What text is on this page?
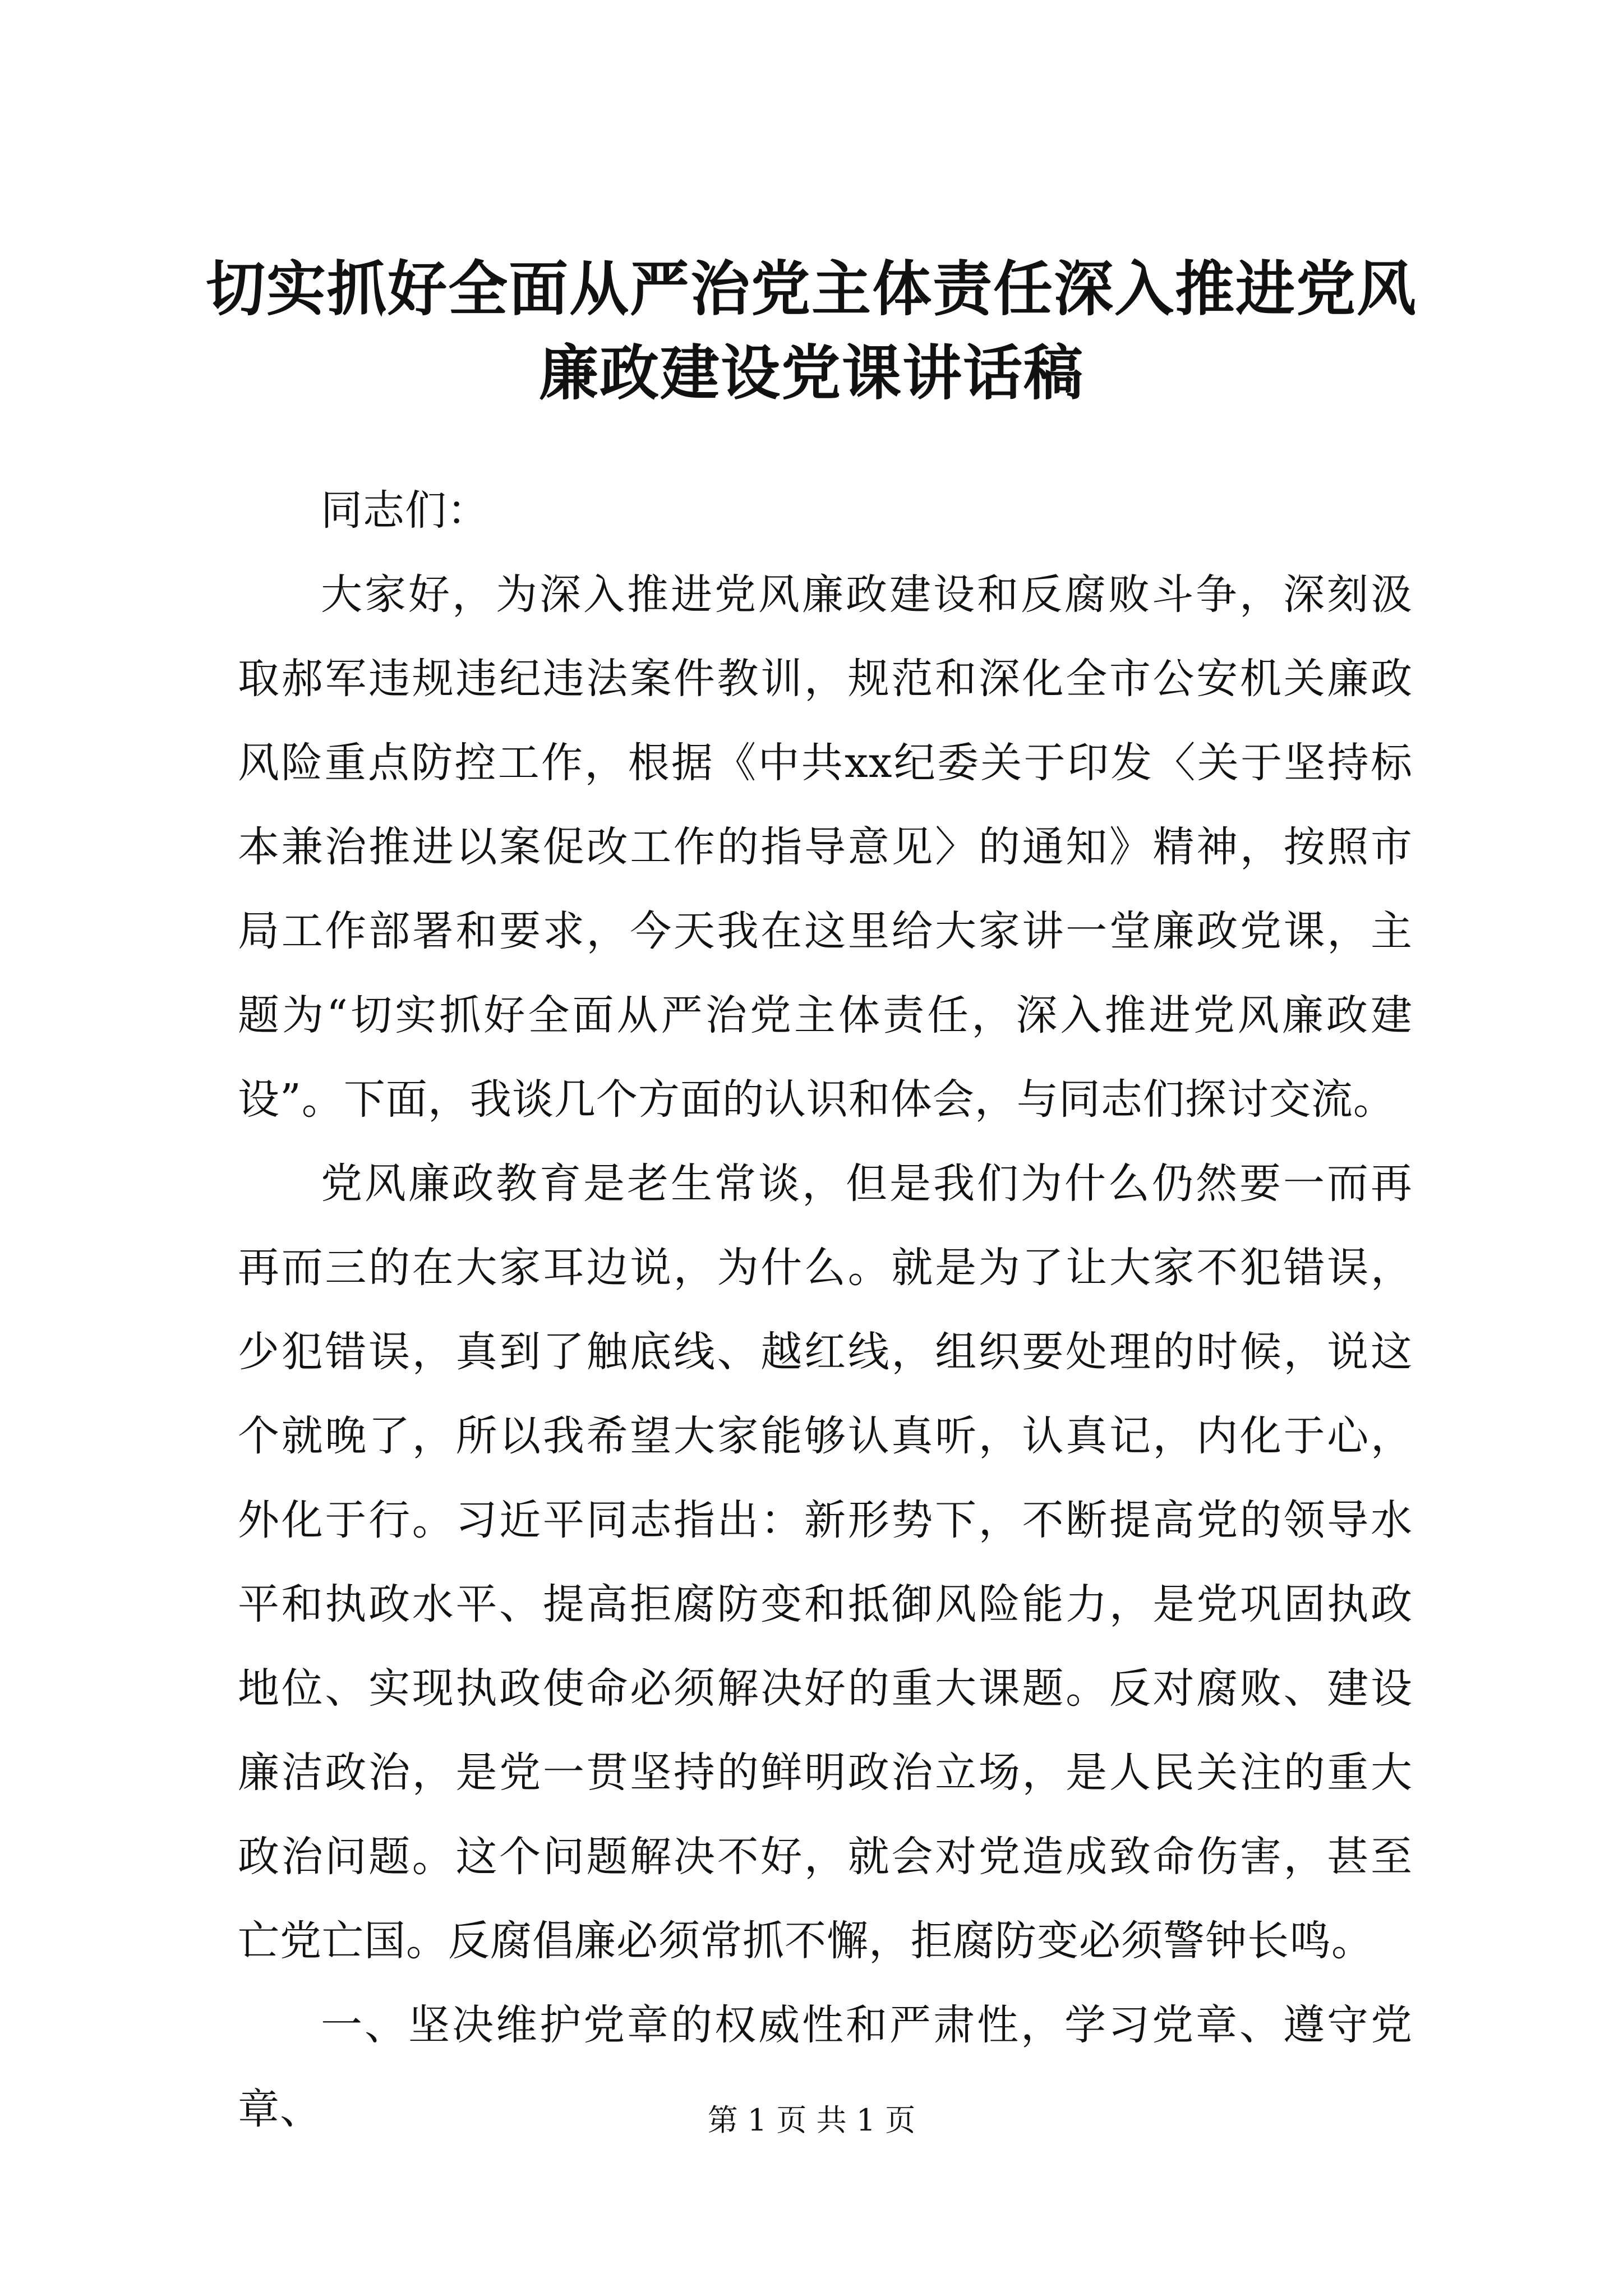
切实抓好全面从严治党主体责任深入推进党风廉政建设党课讲话稿

同志们：

大家好，为深入推进党风廉政建设和反腐败斗争，深刻汲取郝军违规违纪违法案件教训，规范和深化全市公安机关廉政风险重点防控工作，根据《中共xx纪委关于印发〈关于坚持标本兼治推进以案促改工作的指导意见〉的通知》精神，按照市局工作部署和要求，今天我在这里给大家讲一堂廉政党课，主题为“切实抓好全面从严治党主体责任，深入推进党风廉政建设”。下面，我谈几个方面的认识和体会，与同志们探讨交流。

党风廉政教育是老生常谈，但是我们为什么仍然要一而再再而三的在大家耳边说，为什么。就是为了让大家不犯错误，少犯错误，真到了触底线、越红线，组织要处理的时候，说这个就晚了，所以我希望大家能够认真听，认真记，内化于心，外化于行。习近平同志指出：新形势下，不断提高党的领导水平和执政水平、提高拒腐防变和抵御风险能力，是党巩固执政地位、实现执政使命必须解决好的重大课题。反对腐败、建设廉洁政治，是党一贯坚持的鲜明政治立场，是人民关注的重大政治问题。这个问题解决不好，就会对党造成致命伤害，甚至亡党亡国。反腐倡廉必须常抓不懈，拒腐防变必须警钟长鸣。

一、坚决维护党章的权威性和严肃性，学习党章、遵守党章、	第 1 页 共 1 页
